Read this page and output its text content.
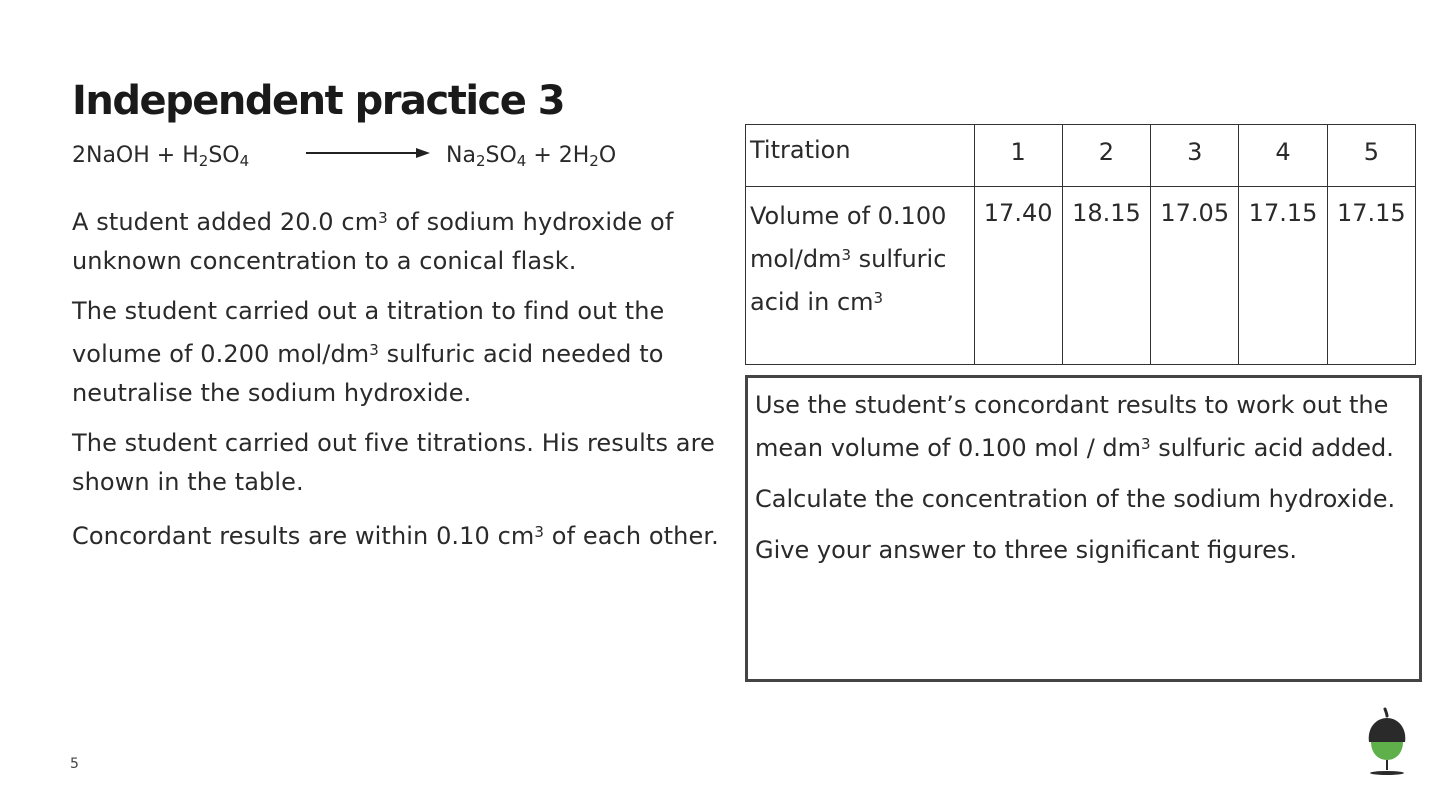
Independent practice 3
2NaOH + $H_2SO_4$	$Na_2SO_4 + 2H_2O$

A student added 20.0 $cm^3$ of sodium hydroxide of unknown concentration to a conical flask.

The student carried out a titration to find out the volume of 0.200 mol/$dm^3$ sulfuric acid needed to neutralise the sodium hydroxide.

The student carried out five titrations. His results are shown in the table.

Concordant results are within 0.10 $cm^3$ of each other.

Titration	1	2	3	4	5
Volume of 0.100 mol/$dm^3$ sulfuric acid in $cm^3$	17.40	18.15	17.05	17.15	17.15

Use the student’s concordant results to work out the mean volume of 0.100 mol / $dm^3$ sulfuric acid added.

Calculate the concentration of the sodium hydroxide.

Give your answer to three significant figures.

5
